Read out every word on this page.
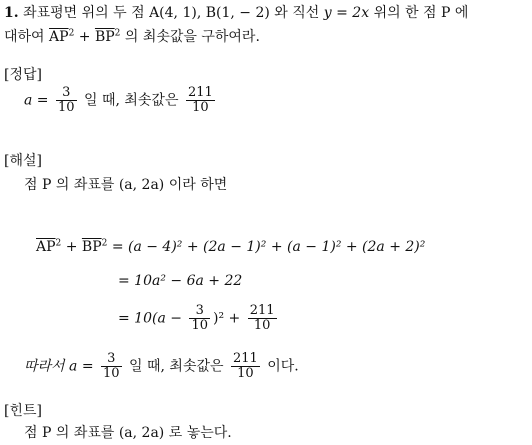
1. 좌표평면 위의 두 점 A(4, 1), B(1, − 2) 와 직선 y = 2x 위의 한 점 P 에
대하여 $\overline{AP}^2 + \overline{BP}^2$ 의 최솟값을 구하여라.
[정답]
$a = \frac{3}{10}$ 일 때, 최솟값은 $\frac{211}{10}$
[해설]
점 P 의 좌표를 (a, 2a) 이라 하면
$\overline{AP}^2 + \overline{BP}^2 = (a - 4)^2 + (2a - 1)^2 + (a - 1)^2 + (2a + 2)^2$
= 10a² − 6a + 22
= $10(a - \frac{3}{10} )^2 + \frac{211}{10}$
따라서 $a = \frac{3}{10}$ 일 때, 최솟값은 $\frac{211}{10}$ 이다.
[힌트]
점 P 의 좌표를 (a, 2a) 로 놓는다.
